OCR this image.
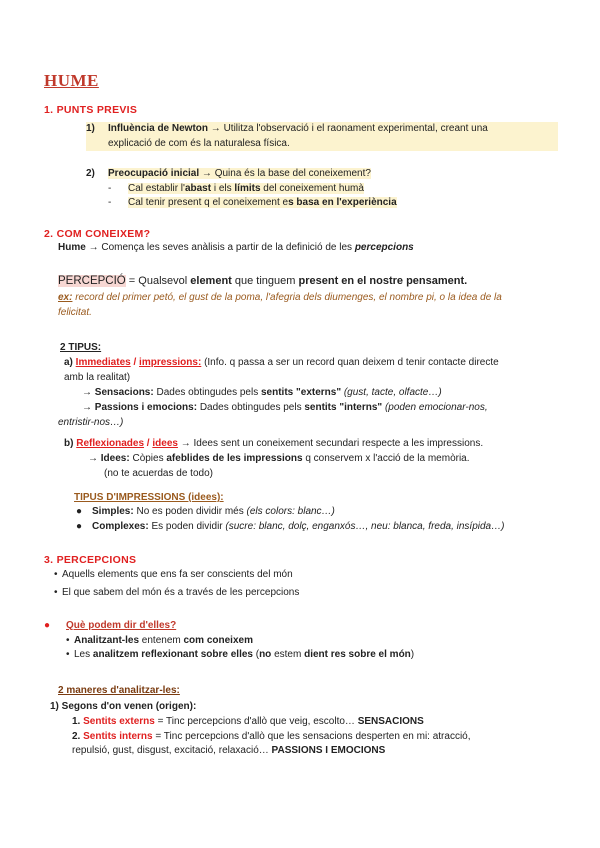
HUME
1. PUNTS PREVIS
1) Influència de Newton → Utilitza l'observació i el raonament experimental, creant una
explicació de com és la naturalesa física.
2) Preocupació inicial → Quina és la base del coneixement?
- Cal establir l'abast i els límits del coneixement humà
- Cal tenir present q el coneixement es basa en l'experiència
2. COM CONEIXEM?
Hume → Comença les seves anàlisis a partir de la definició de les percepcions
PERCEPCIÓ = Qualsevol element que tinguem present en el nostre pensament.
ex: record del primer petó, el gust de la poma, l'afegria dels diumenges, el nombre pi, o la idea de la
felicitat.
2 TIPUS:
a) Immediates / impressions: (Info. q passa a ser un record quan deixem d tenir contacte directe
amb la realitat)
→ Sensacions: Dades obtingudes pels sentits "externs" (gust, tacte, olfacte…)
→ Passions i emocions: Dades obtingudes pels sentits "interns" (poden emocionar-nos,
entristir-nos…)
b) Reflexionades / idees → Idees sent un coneixement secundari respecte a les impressions.
→ Idees: Còpies afeblides de les impressions q conservem x l'acció de la memòria.
(no te acuerdas de todo)
TIPUS D'IMPRESSIONS (idees):
● Simples: No es poden dividir més (els colors: blanc…)
● Complexes: Es poden dividir (sucre: blanc, dolç, enganxós…, neu: blanca, freda, insípida…)
3. PERCEPCIONS
• Aquells elements que ens fa ser conscients del món
• El que sabem del món és a través de les percepcions
● Què podem dir d'elles?
• Analitzant-les entenem com coneixem
• Les analitzem reflexionant sobre elles (no estem dient res sobre el món)
2 maneres d'analitzar-les:
1) Segons d'on venen (origen):
1. Sentits externs = Tinc percepcions d'allò que veig, escolto… SENSACIONS
2. Sentits interns = Tinc percepcions d'allò que les sensacions desperten en mi: atracció,
repulsió, gust, disgust, excitació, relaxació… PASSIONS I EMOCIONS
